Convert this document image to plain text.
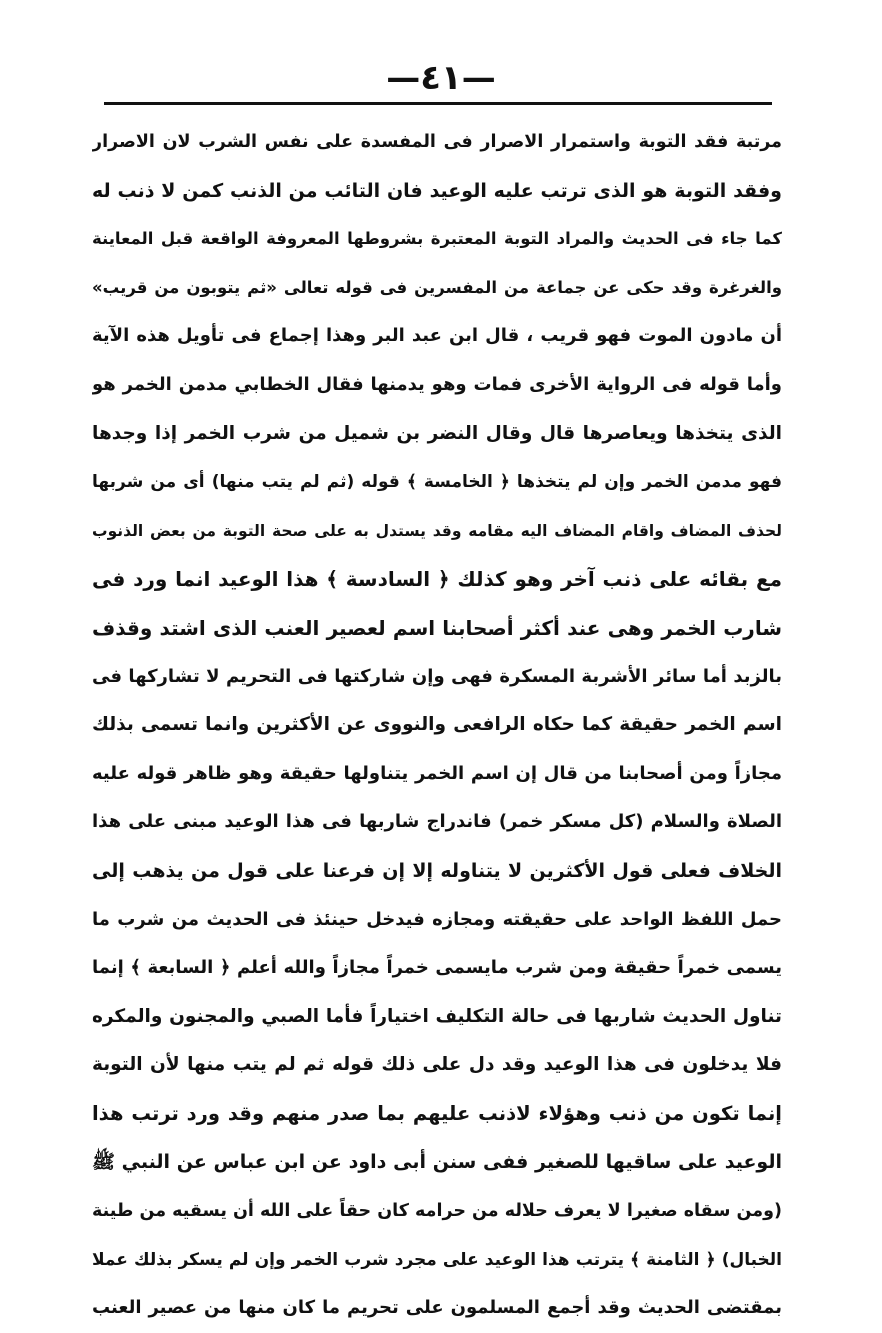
—٤١—
مرتبة فقد التوبة واستمرار الاصرار فى المفسدة على نفس الشرب لان الاصرار
وفقد التوبة هو الذى ترتب عليه الوعيد فان التائب من الذنب كمن لا ذنب له
كما جاء فى الحديث والمراد التوبة المعتبرة بشروطها المعروفة الواقعة قبل المعاينة
والغرغرة وقد حكى عن جماعة من المفسرين فى قوله تعالى «ثم يتوبون من قريب»
أن مادون الموت فهو قريب ، قال ابن عبد البر وهذا إجماع فى تأويل هذه الآية
وأما قوله فى الرواية الأخرى فمات وهو يدمنها فقال الخطابي مدمن الخمر هو
الذى يتخذها ويعاصرها قال وقال النضر بن شميل من شرب الخمر إذا وجدها
فهو مدمن الخمر وإن لم يتخذها ﴿ الخامسة ﴾ قوله (ثم لم يتب منها) أى من شربها
لحذف المضاف واقام المضاف اليه مقامه وقد يستدل به على صحة التوبة من بعض الذنوب
مع بقائه على ذنب آخر وهو كذلك ﴿ السادسة ﴾ هذا الوعيد انما ورد فى
شارب الخمر وهى عند أكثر أصحابنا اسم لعصير العنب الذى اشتد وقذف
بالزبد أما سائر الأشربة المسكرة فهى وإن شاركتها فى التحريم لا تشاركها فى
اسم الخمر حقيقة كما حكاه الرافعى والنووى عن الأكثرين وانما تسمى بذلك
مجازاً ومن أصحابنا من قال إن اسم الخمر يتناولها حقيقة وهو ظاهر قوله عليه
الصلاة والسلام (كل مسكر خمر) فاندراج شاربها فى هذا الوعيد مبنى على هذا
الخلاف فعلى قول الأكثرين لا يتناوله إلا إن فرعنا على قول من يذهب إلى
حمل اللفظ الواحد على حقيقته ومجازه فيدخل حينئذ فى الحديث من شرب ما
يسمى خمراً حقيقة ومن شرب مايسمى خمراً مجازاً والله أعلم ﴿ السابعة ﴾ إنما
تناول الحديث شاربها فى حالة التكليف اختياراً فأما الصبي والمجنون والمكره
فلا يدخلون فى هذا الوعيد وقد دل على ذلك قوله ثم لم يتب منها لأن التوبة
إنما تكون من ذنب وهؤلاء لاذنب عليهم بما صدر منهم وقد ورد ترتب هذا
الوعيد على ساقيها للصغير ففى سنن أبى داود عن ابن عباس عن النبي ﷺ
(ومن سقاه صغيرا لا يعرف حلاله من حرامه كان حقاً على الله أن يسقيه من طينة
الخبال) ﴿ الثامنة ﴾ يترتب هذا الوعيد على مجرد شرب الخمر وإن لم يسكر بذلك عملا
بمقتضى الحديث وقد أجمع المسلمون على تحريم ما كان منها من عصير العنب
